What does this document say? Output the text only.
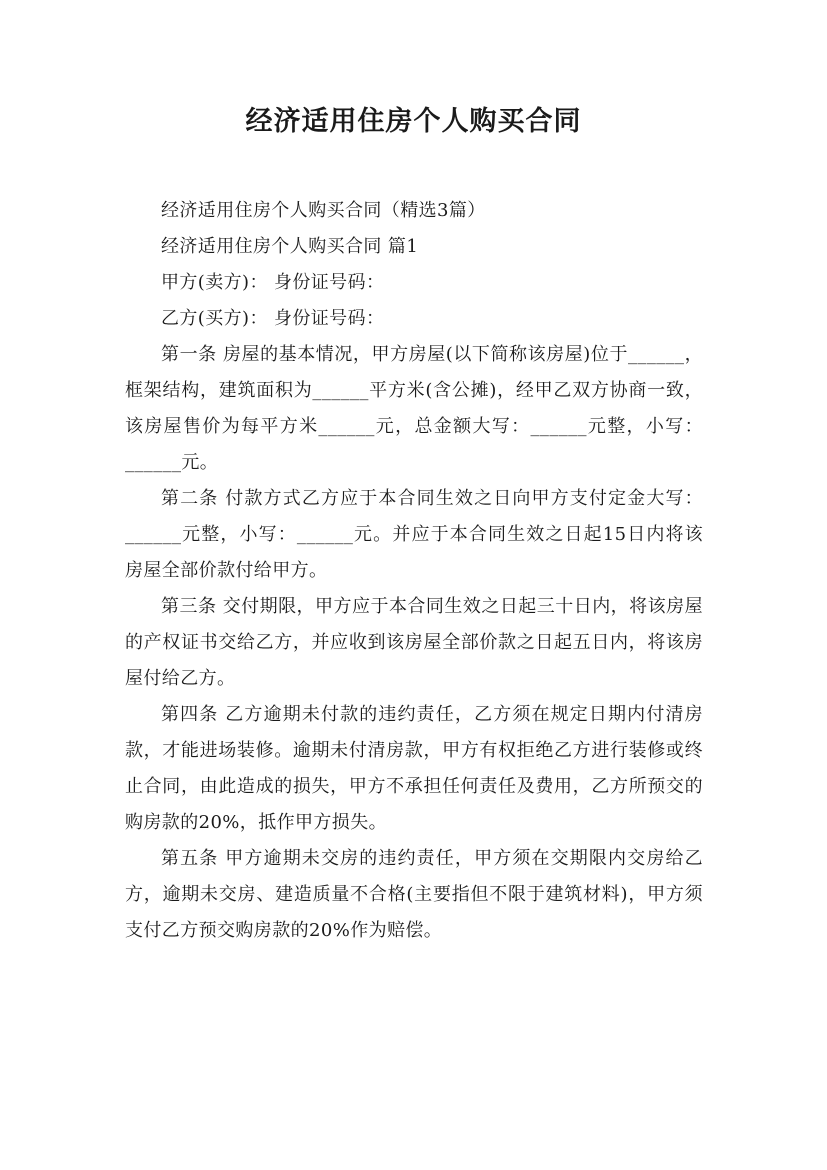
经济适用住房个人购买合同

经济适用住房个人购买合同（精选3篇）

经济适用住房个人购买合同 篇1

甲方(卖方)： 身份证号码：

乙方(买方)： 身份证号码：

第一条 房屋的基本情况，甲方房屋(以下简称该房屋)位于______，框架结构，建筑面积为______平方米(含公摊)，经甲乙双方协商一致，该房屋售价为每平方米______元，总金额大写：______元整，小写：______元。

第二条 付款方式乙方应于本合同生效之日向甲方支付定金大写：______元整，小写：______元。并应于本合同生效之日起15日内将该房屋全部价款付给甲方。

第三条 交付期限，甲方应于本合同生效之日起三十日内，将该房屋的产权证书交给乙方，并应收到该房屋全部价款之日起五日内，将该房屋付给乙方。

第四条 乙方逾期未付款的违约责任，乙方须在规定日期内付清房款，才能进场装修。逾期未付清房款，甲方有权拒绝乙方进行装修或终止合同，由此造成的损失，甲方不承担任何责任及费用，乙方所预交的购房款的20%，抵作甲方损失。

第五条 甲方逾期未交房的违约责任，甲方须在交期限内交房给乙方，逾期未交房、建造质量不合格(主要指但不限于建筑材料)，甲方须支付乙方预交购房款的20%作为赔偿。
